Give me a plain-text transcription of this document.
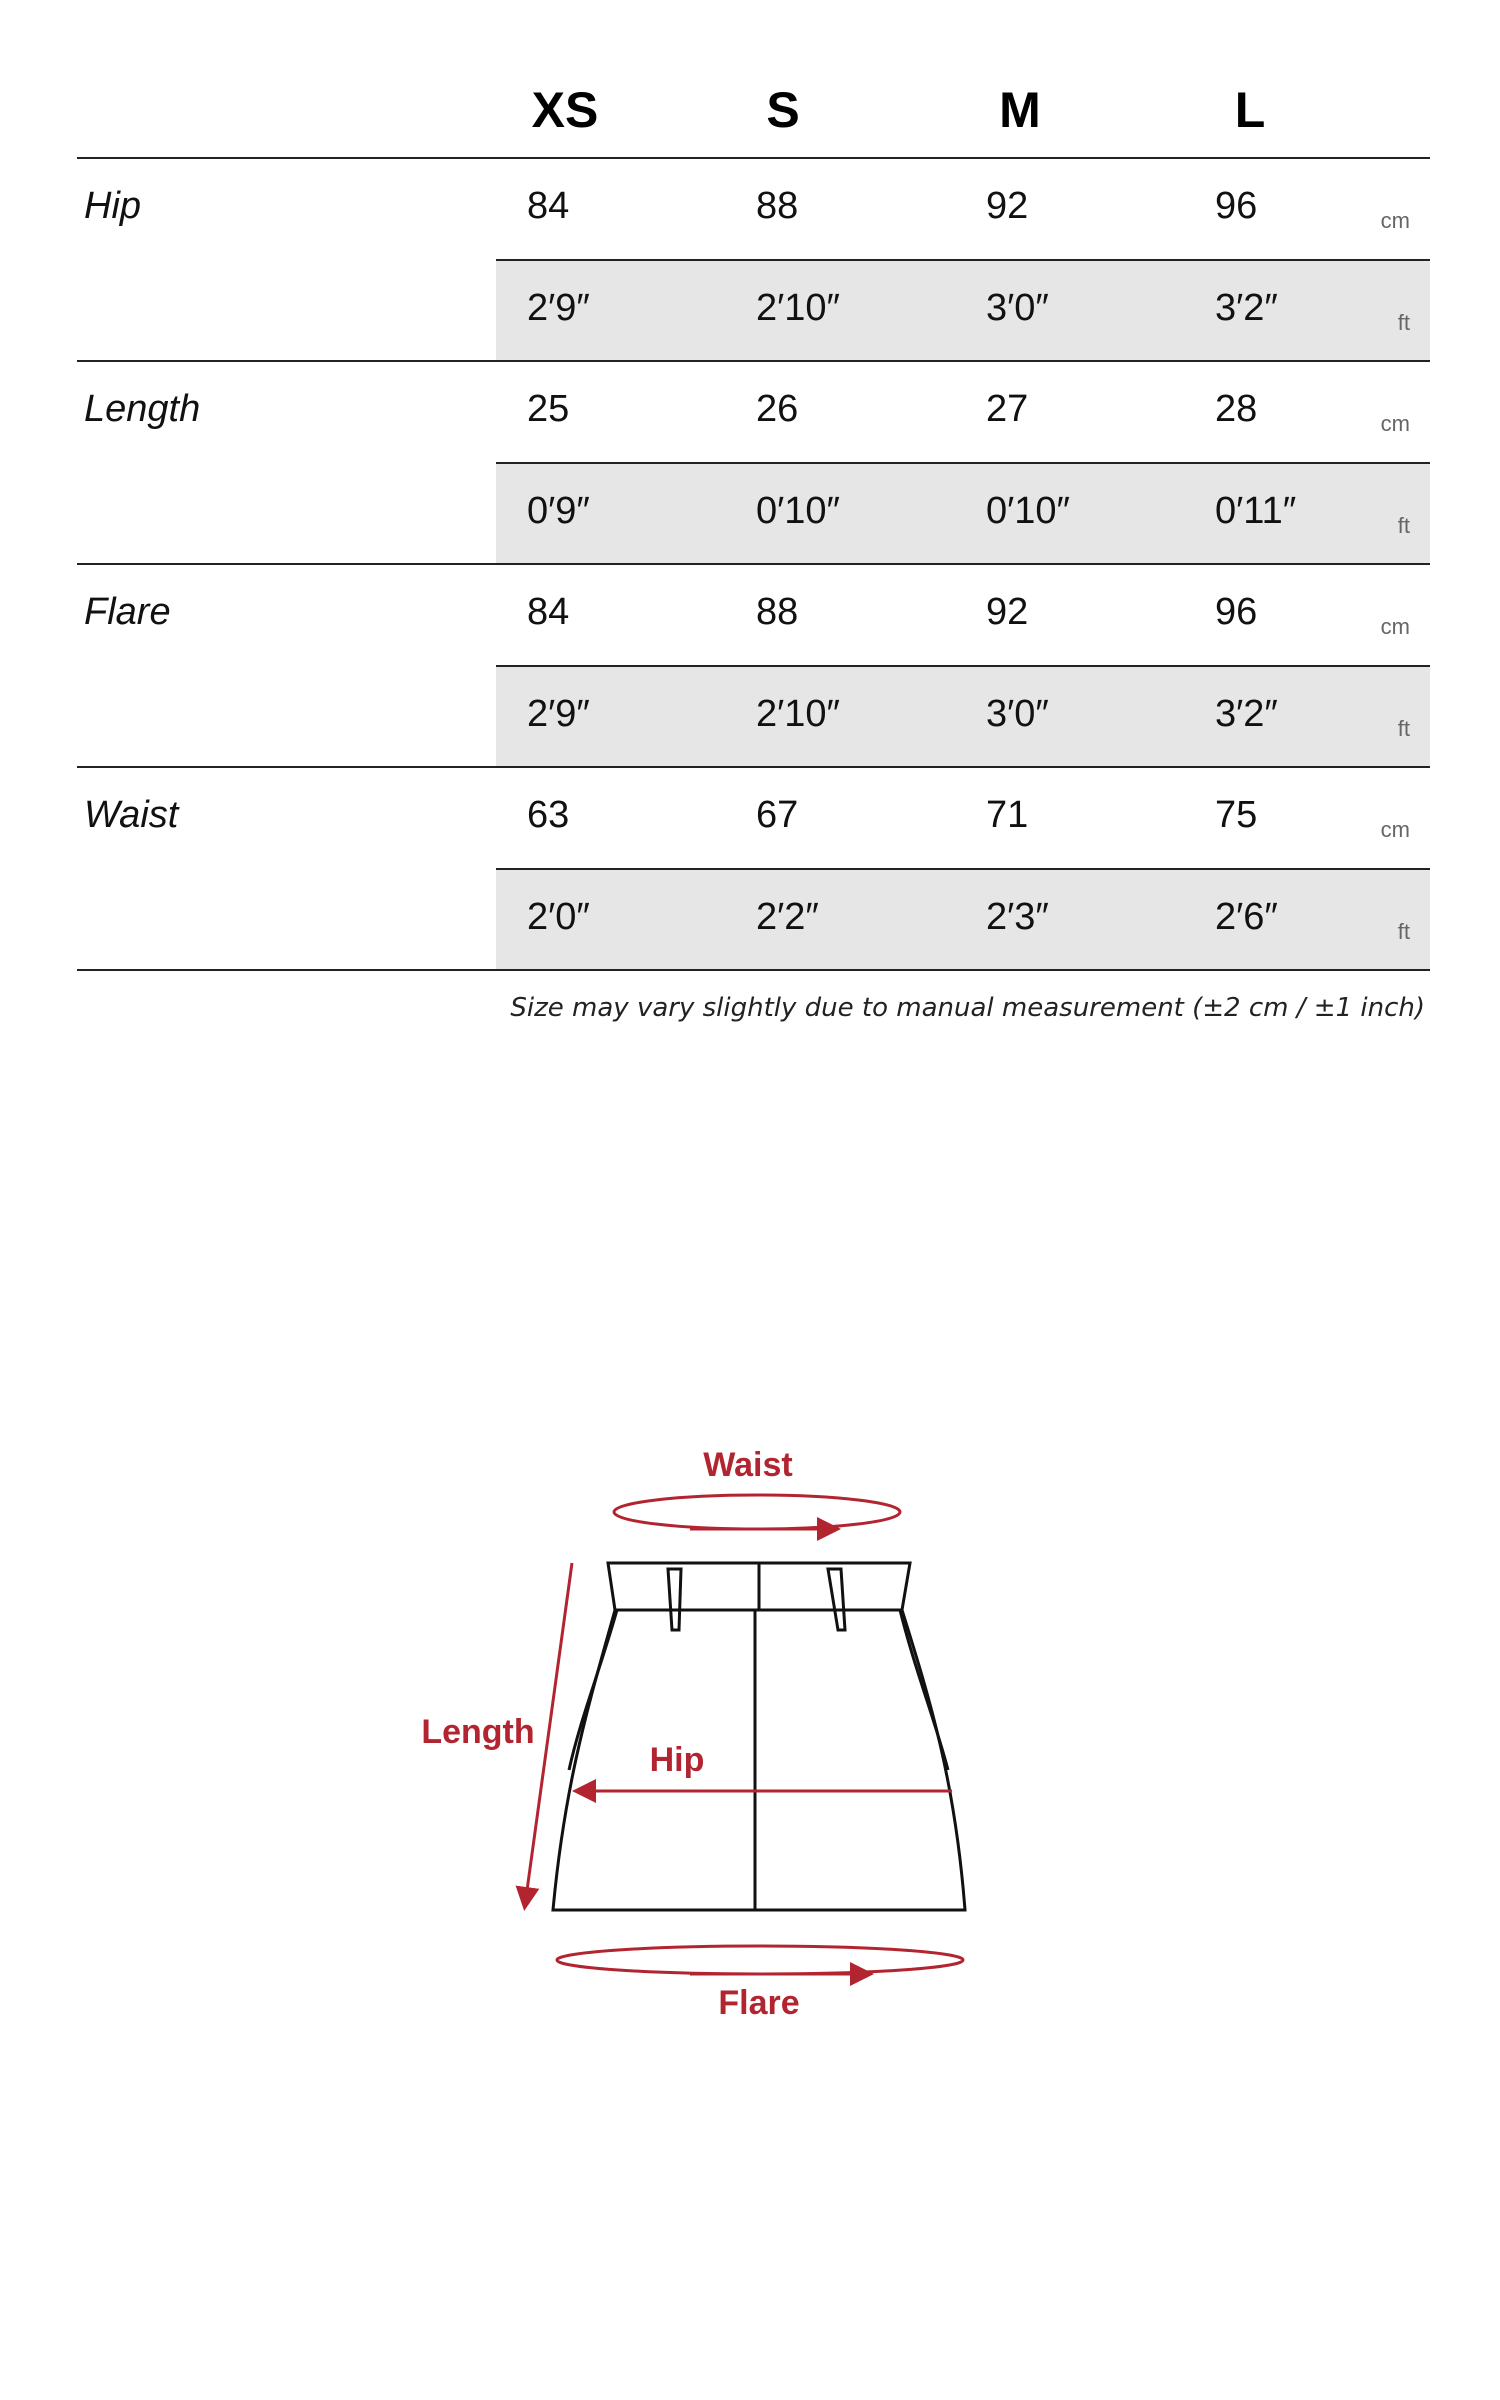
XS	S	M	L
Hip	84	88	92	96	cm
2′9″	2′10″	3′0″	3′2″	ft
Length	25	26	27	28	cm
0′9″	0′10″	0′10″	0′11″	ft
Flare	84	88	92	96	cm
2′9″	2′10″	3′0″	3′2″	ft
Waist	63	67	71	75	cm
2′0″	2′2″	2′3″	2′6″	ft
Size may vary slightly due to manual measurement (±2 cm / ±1 inch)
Waist
Length
Hip
Flare
